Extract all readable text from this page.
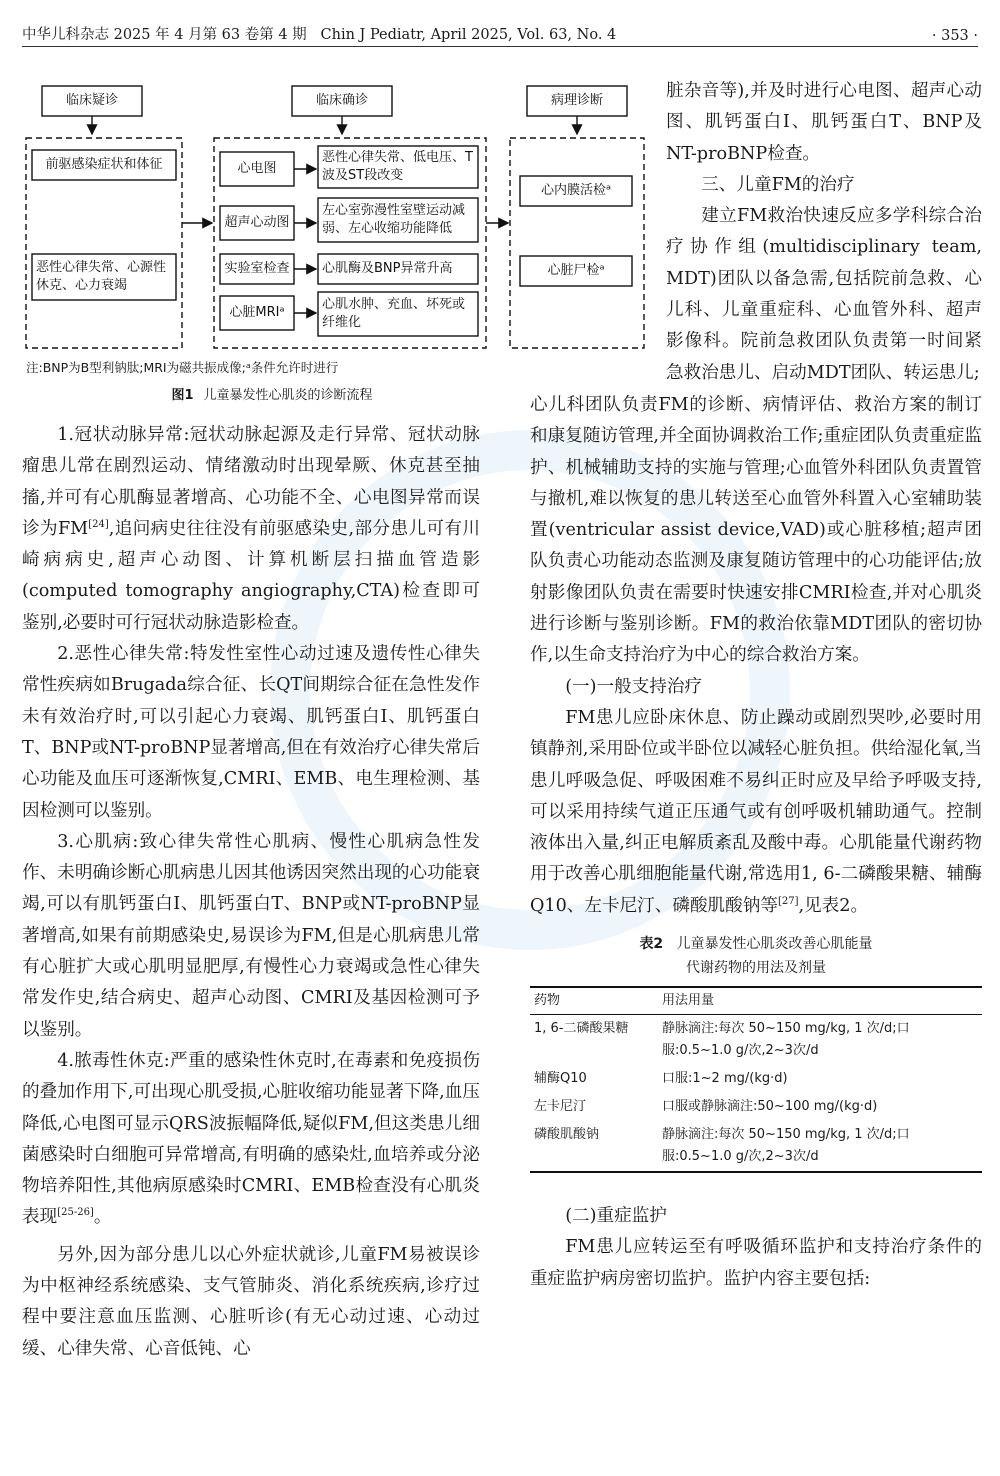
中华儿科杂志 2025 年 4 月第 63 卷第 4 期 Chin J Pediatr, April 2025, Vol. 63, No. 4	· 353 ·
临床疑诊	临床确诊	病理诊断
前驱感染症状和体征
恶性心律失常、心源性休克、心力衰竭
心电图
超声心动图
实验室检查
心脏MRIᵃ
恶性心律失常、低电压、T波及ST段改变
左心室弥漫性室壁运动减弱、左心收缩功能降低
心肌酶及BNP异常升高
心肌水肿、充血、坏死或纤维化
心内膜活检ᵃ
心脏尸检ᵃ
注:BNP为B型利钠肽;MRI为磁共振成像;ᵃ条件允许时进行
图1 儿童暴发性心肌炎的诊断流程

1.冠状动脉异常:冠状动脉起源及走行异常、冠状动脉瘤患儿常在剧烈运动、情绪激动时出现晕厥、休克甚至抽搐,并可有心肌酶显著增高、心功能不全、心电图异常而误诊为FM[24],追问病史往往没有前驱感染史,部分患儿可有川崎病病史,超声心动图、计算机断层扫描血管造影(computed tomography angiography,CTA)检查即可鉴别,必要时可行冠状动脉造影检查。

2.恶性心律失常:特发性室性心动过速及遗传性心律失常性疾病如Brugada综合征、长QT间期综合征在急性发作未有效治疗时,可以引起心力衰竭、肌钙蛋白I、肌钙蛋白T、BNP或NT-proBNP显著增高,但在有效治疗心律失常后心功能及血压可逐渐恢复,CMRI、EMB、电生理检测、基因检测可以鉴别。

3.心肌病:致心律失常性心肌病、慢性心肌病急性发作、未明确诊断心肌病患儿因其他诱因突然出现的心功能衰竭,可以有肌钙蛋白I、肌钙蛋白T、BNP或NT-proBNP显著增高,如果有前期感染史,易误诊为FM,但是心肌病患儿常有心脏扩大或心肌明显肥厚,有慢性心力衰竭或急性心律失常发作史,结合病史、超声心动图、CMRI及基因检测可予以鉴别。

4.脓毒性休克:严重的感染性休克时,在毒素和免疫损伤的叠加作用下,可出现心肌受损,心脏收缩功能显著下降,血压降低,心电图可显示QRS波振幅降低,疑似FM,但这类患儿细菌感染时白细胞可异常增高,有明确的感染灶,血培养或分泌物培养阳性,其他病原感染时CMRI、EMB检查没有心肌炎表现[25-26]。

另外,因为部分患儿以心外症状就诊,儿童FM易被误诊为中枢神经系统感染、支气管肺炎、消化系统疾病,诊疗过程中要注意血压监测、心脏听诊(有无心动过速、心动过缓、心律失常、心音低钝、心

脏杂音等),并及时进行心电图、超声心动图、肌钙蛋白I、肌钙蛋白T、BNP及NT-proBNP检查。

三、儿童FM的治疗

建立FM救治快速反应多学科综合治疗协作组(multidisciplinary team, MDT)团队以备急需,包括院前急救、心儿科、儿童重症科、心血管外科、超声影像科。院前急救团队负责第一时间紧急救治患儿、启动MDT团队、转运患儿;

心儿科团队负责FM的诊断、病情评估、救治方案的制订和康复随访管理,并全面协调救治工作;重症团队负责重症监护、机械辅助支持的实施与管理;心血管外科团队负责置管与撤机,难以恢复的患儿转送至心血管外科置入心室辅助装置(ventricular assist device,VAD)或心脏移植;超声团队负责心功能动态监测及康复随访管理中的心功能评估;放射影像团队负责在需要时快速安排CMRI检查,并对心肌炎进行诊断与鉴别诊断。FM的救治依靠MDT团队的密切协作,以生命支持治疗为中心的综合救治方案。

(一)一般支持治疗

FM患儿应卧床休息、防止躁动或剧烈哭吵,必要时用镇静剂,采用卧位或半卧位以减轻心脏负担。供给湿化氧,当患儿呼吸急促、呼吸困难不易纠正时应及早给予呼吸支持,可以采用持续气道正压通气或有创呼吸机辅助通气。控制液体出入量,纠正电解质紊乱及酸中毒。心肌能量代谢药物用于改善心肌细胞能量代谢,常选用1, 6-二磷酸果糖、辅酶Q10、左卡尼汀、磷酸肌酸钠等[27],见表2。

表2 儿童暴发性心肌炎改善心肌能量
代谢药物的用法及剂量
药物	用法用量
1, 6-二磷酸果糖	静脉滴注:每次 50~150 mg/kg, 1 次/d;口服:0.5~1.0 g/次,2~3次/d
辅酶Q10	口服:1~2 mg/(kg·d)
左卡尼汀	口服或静脉滴注:50~100 mg/(kg·d)
磷酸肌酸钠	静脉滴注:每次 50~150 mg/kg, 1 次/d;口服:0.5~1.0 g/次,2~3次/d

(二)重症监护

FM患儿应转运至有呼吸循环监护和支持治疗条件的重症监护病房密切监护。监护内容主要包括:
